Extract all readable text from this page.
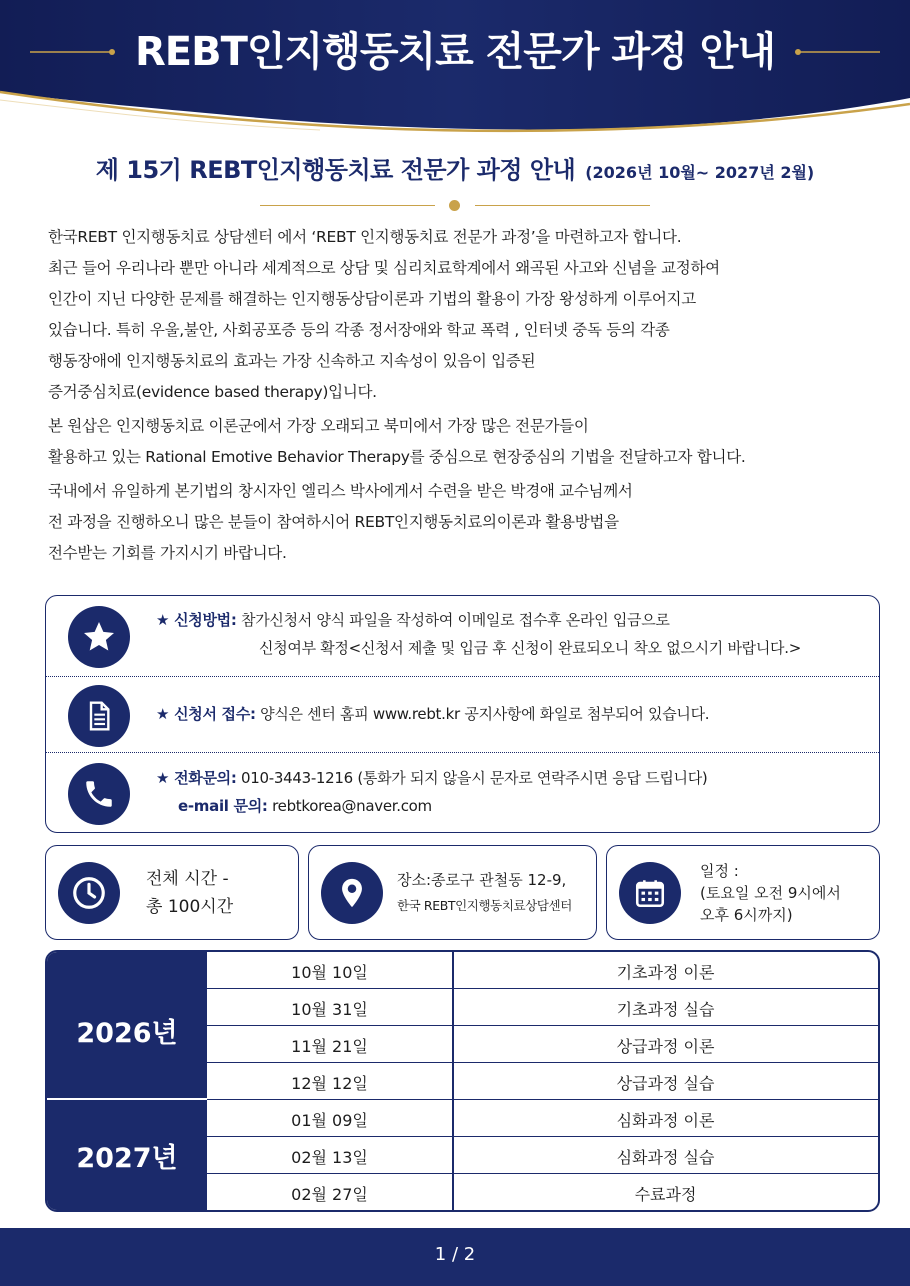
REBT인지행동치료 전문가 과정 안내
제 15기 REBT인지행동치료 전문가 과정 안내 (2026년 10월~ 2027년 2월)

한국REBT 인지행동치료 상담센터 에서 ‘REBT 인지행동치료 전문가 과정’을 마련하고자 합니다.
최근 들어 우리나라 뿐만 아니라 세계적으로 상담 및 심리치료학계에서 왜곡된 사고와 신념을 교정하여
인간이 지닌 다양한 문제를 해결하는 인지행동상담이론과 기법의 활용이 가장 왕성하게 이루어지고
있습니다. 특히 우울,불안, 사회공포증 등의 각종 정서장애와 학교 폭력 , 인터넷 중독 등의 각종
행동장애에 인지행동치료의 효과는 가장 신속하고 지속성이 있음이 입증된
증거중심치료(evidence based therapy)입니다.

본 원삽은 인지행동치료 이론군에서 가장 오래되고 북미에서 가장 많은 전문가들이
활용하고 있는 Rational Emotive Behavior Therapy를 중심으로 현장중심의 기법을 전달하고자 합니다.

국내에서 유일하게 본기법의 창시자인 엘리스 박사에게서 수련을 받은 박경애 교수님께서
전 과정을 진행하오니 많은 분들이 참여하시어 REBT인지행동치료의이론과 활용방법을
전수받는 기회를 가지시기 바랍니다.

★ 신청방법: 참가신청서 양식 파일을 작성하여 이메일로 접수후 온라인 입금으로
신청여부 확정<신청서 제출 및 입금 후 신청이 완료되오니 착오 없으시기 바랍니다.>
★ 신청서 접수: 양식은 센터 홈피 www.rebt.kr 공지사항에 화일로 첨부되어 있습니다.
★ 전화문의: 010-3443-1216 (통화가 되지 않을시 문자로 연락주시면 응답 드립니다)
e-mail 문의: rebtkorea@naver.com
전체 시간 -
총 100시간
장소:종로구 관철동 12-9,
한국 REBT인지행동치료상담센터
일정 :
(토요일 오전 9시에서
오후 6시까지)
2026년
2027년
10월 10일	기초과정 이론
10월 31일	기초과정 실습
11월 21일	상급과정 이론
12월 12일	상급과정 실습
01월 09일	심화과정 이론
02월 13일	심화과정 실습
02월 27일	수료과정
1 / 2
